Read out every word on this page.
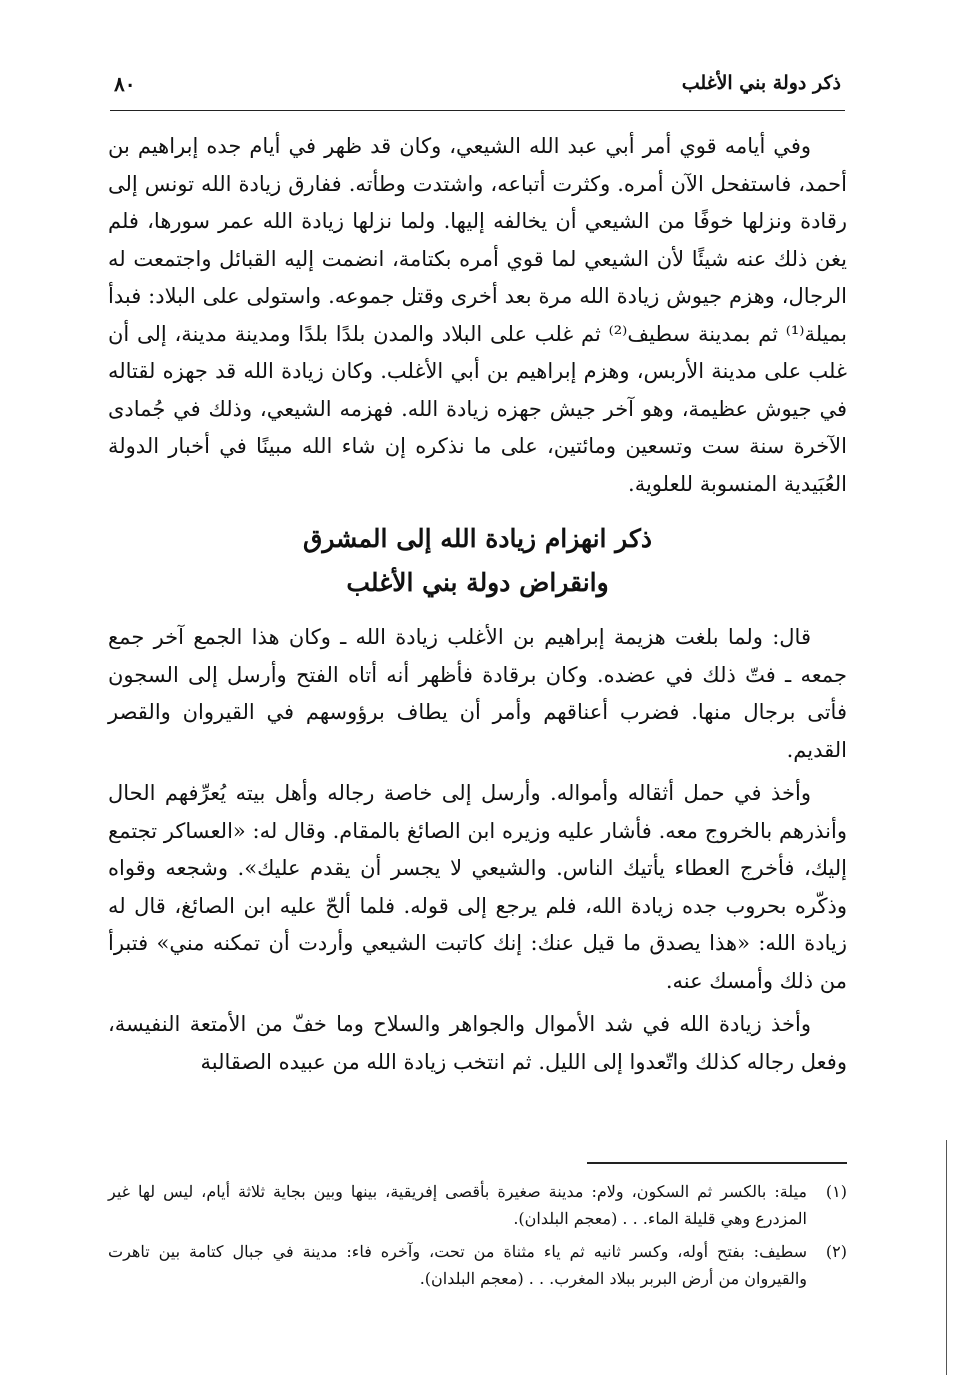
ذكر دولة بني الأغلب
٨٠

وفي أيامه قوي أمر أبي عبد الله الشيعي، وكان قد ظهر في أيام جده إبراهيم بن أحمد، فاستفحل الآن أمره. وكثرت أتباعه، واشتدت وطأته. ففارق زيادة الله تونس إلى رقادة ونزلها خوفًا من الشيعي أن يخالفه إليها. ولما نزلها زيادة الله عمر سورها، فلم يغن ذلك عنه شيئًا لأن الشيعي لما قوي أمره بكتامة، انضمت إليه القبائل واجتمعت له الرجال، وهزم جيوش زيادة الله مرة بعد أخرى وقتل جموعه. واستولى على البلاد: فبدأ بميلة⁽¹⁾ ثم بمدينة سطيف⁽²⁾ ثم غلب على البلاد والمدن بلدًا بلدًا ومدينة مدينة، إلى أن غلب على مدينة الأربس، وهزم إبراهيم بن أبي الأغلب. وكان زيادة الله قد جهزه لقتاله في جيوش عظيمة، وهو آخر جيش جهزه زيادة الله. فهزمه الشيعي، وذلك في جُمادى الآخرة سنة ست وتسعين ومائتين، على ما نذكره إن شاء الله مبينًا في أخبار الدولة العُبَيدية المنسوبة للعلوية.

ذكر انهزام زيادة الله إلى المشرق
وانقراض دولة بني الأغلب

قال: ولما بلغت هزيمة إبراهيم بن الأغلب زيادة الله ـ وكان هذا الجمع آخر جمع جمعه ـ فتّ ذلك في عضده. وكان برقادة فأظهر أنه أتاه الفتح وأرسل إلى السجون فأتى برجال منها. فضرب أعناقهم وأمر أن يطاف برؤوسهم في القيروان والقصر القديم.

وأخذ في حمل أثقاله وأمواله. وأرسل إلى خاصة رجاله وأهل بيته يُعرِّفهم الحال وأنذرهم بالخروج معه. فأشار عليه وزيره ابن الصائغ بالمقام. وقال له: «العساكر تجتمع إليك، فأخرج العطاء يأتيك الناس. والشيعي لا يجسر أن يقدم عليك». وشجعه وقواه وذكّره بحروب جده زيادة الله، فلم يرجع إلى قوله. فلما ألحّ عليه ابن الصائغ، قال له زيادة الله: «هذا يصدق ما قيل عنك: إنك كاتبت الشيعي وأردت أن تمكنه مني» فتبرأ من ذلك وأمسك عنه.

وأخذ زيادة الله في شد الأموال والجواهر والسلاح وما خفّ من الأمتعة النفيسة، وفعل رجاله كذلك واتّعدوا إلى الليل. ثم انتخب زيادة الله من عبيده الصقالبة

(١)
ميلة: بالكسر ثم السكون، ولام: مدينة صغيرة بأقصى إفريقية، بينها وبين بجاية ثلاثة أيام، ليس لها غير المزدرع وهي قليلة الماء. . . (معجم البلدان).
(٢)
سطيف: بفتح أوله، وكسر ثانيه ثم ياء مثناة من تحت، وآخره فاء: مدينة في جبال كتامة بين تاهرت والقيروان من أرض البربر ببلاد المغرب. . . (معجم البلدان).
